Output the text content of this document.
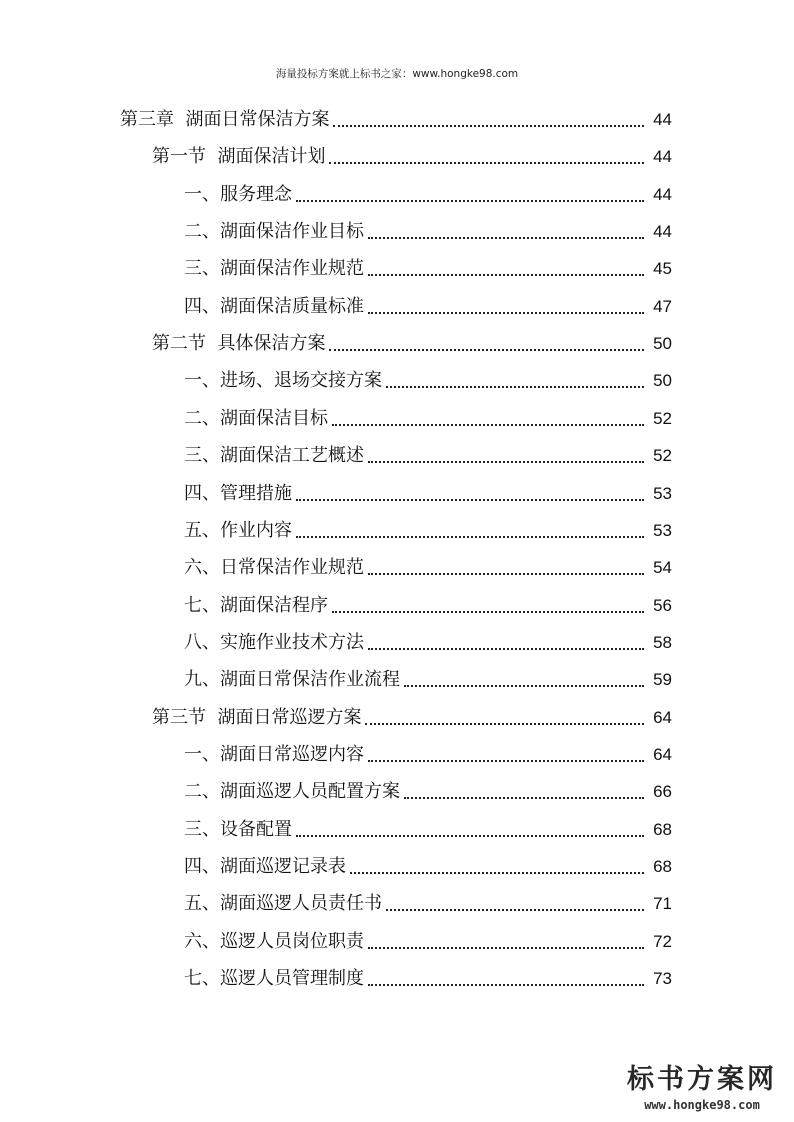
海量投标方案就上标书之家：www.hongke98.com
第三章  湖面日常保洁方案	44
第一节  湖面保洁计划	44
一、服务理念	44
二、湖面保洁作业目标	44
三、湖面保洁作业规范	45
四、湖面保洁质量标准	47
第二节  具体保洁方案	50
一、进场、退场交接方案	50
二、湖面保洁目标	52
三、湖面保洁工艺概述	52
四、管理措施	53
五、作业内容	53
六、日常保洁作业规范	54
七、湖面保洁程序	56
八、实施作业技术方法	58
九、湖面日常保洁作业流程	59
第三节  湖面日常巡逻方案	64
一、湖面日常巡逻内容	64
二、湖面巡逻人员配置方案	66
三、设备配置	68
四、湖面巡逻记录表	68
五、湖面巡逻人员责任书	71
六、巡逻人员岗位职责	72
七、巡逻人员管理制度	73
标书方案网
www.hongke98.com
